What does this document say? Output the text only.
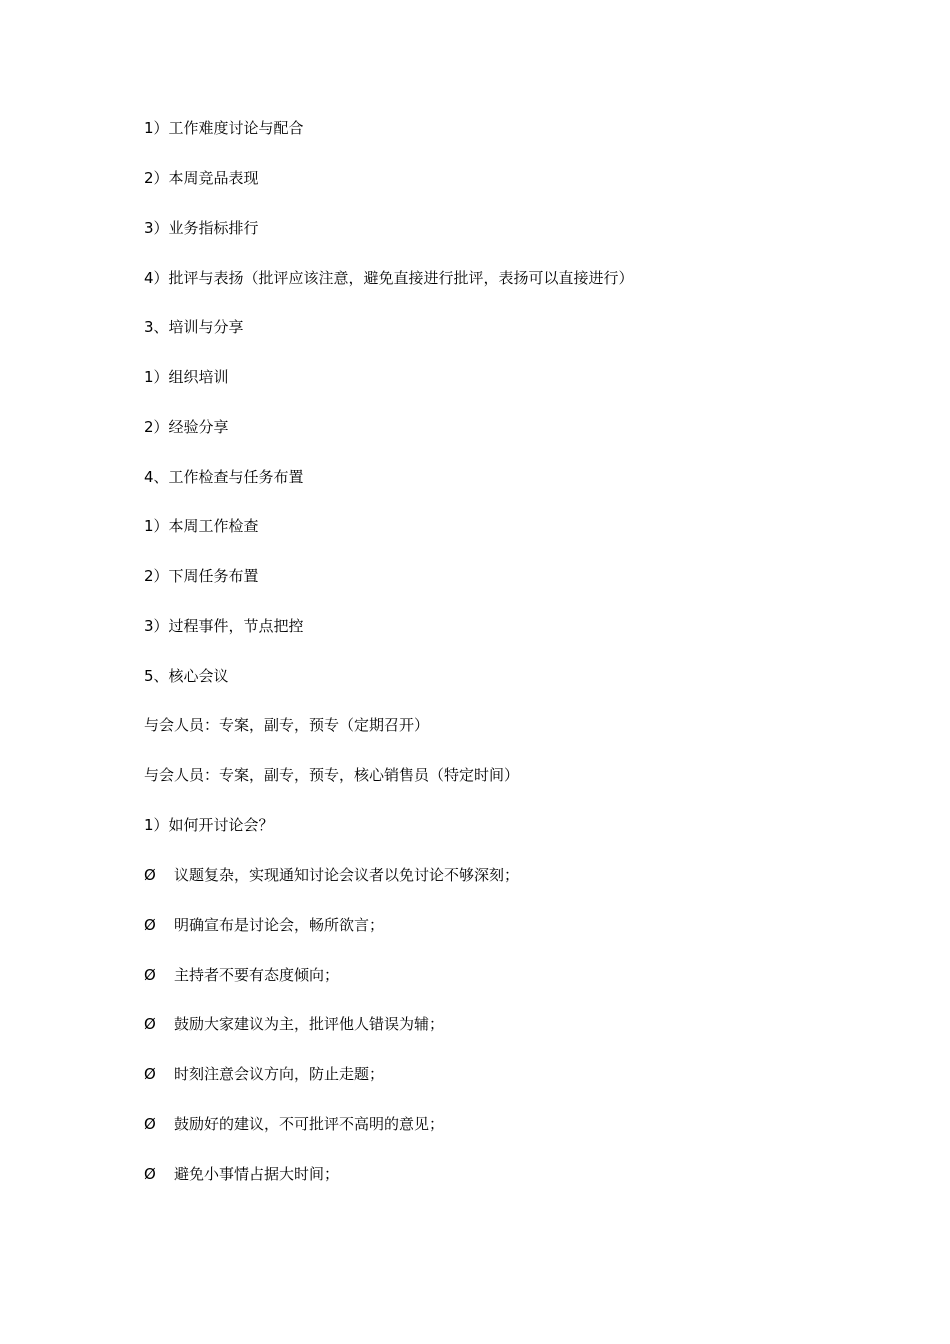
1）工作难度讨论与配合
2）本周竞品表现
3）业务指标排行
4）批评与表扬（批评应该注意，避免直接进行批评，表扬可以直接进行）
3、培训与分享
1）组织培训
2）经验分享
4、工作检查与任务布置
1）本周工作检查
2）下周任务布置
3）过程事件，节点把控
5、核心会议
与会人员：专案，副专，预专（定期召开）
与会人员：专案，副专，预专，核心销售员（特定时间）
1）如何开讨论会？
Ø 议题复杂，实现通知讨论会议者以免讨论不够深刻；
Ø 明确宣布是讨论会，畅所欲言；
Ø 主持者不要有态度倾向；
Ø 鼓励大家建议为主，批评他人错误为辅；
Ø 时刻注意会议方向，防止走题；
Ø 鼓励好的建议，不可批评不高明的意见；
Ø 避免小事情占据大时间；
